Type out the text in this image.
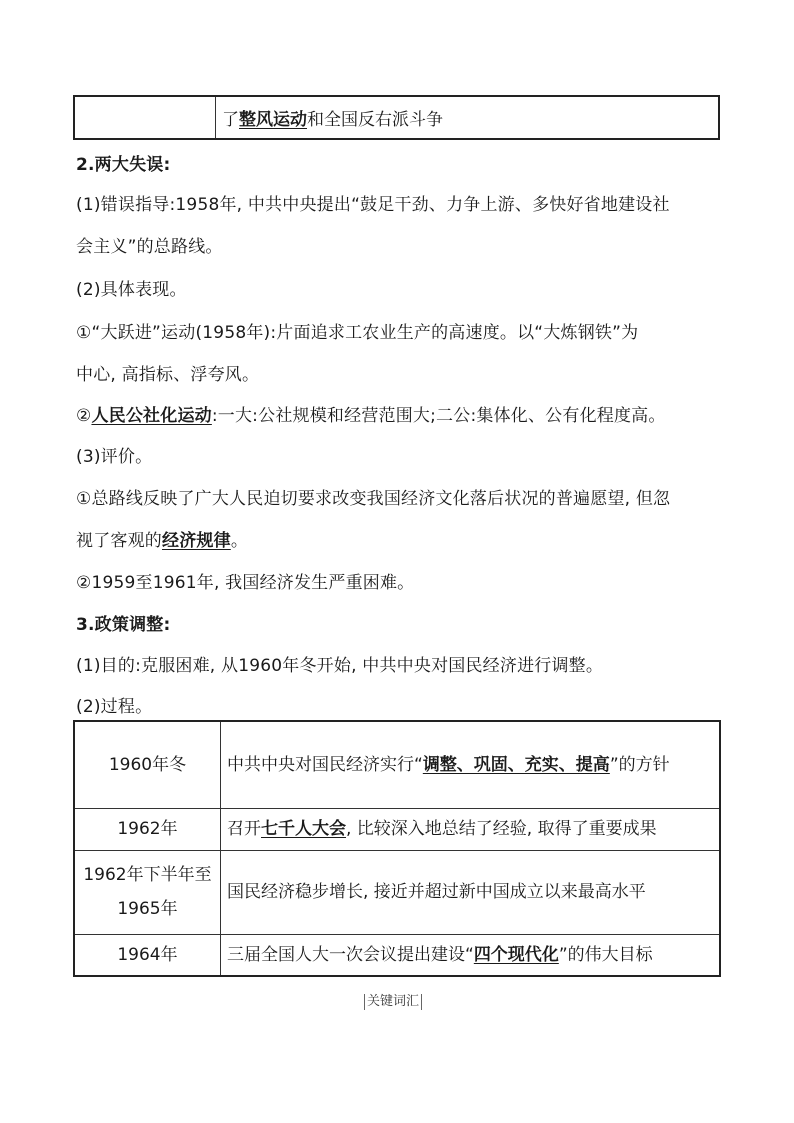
了 整风运动 和全国反右派斗争
2.两大失误:
(1)错误指导:1958年, 中共中央提出“鼓足干劲、力争上游、多快好省地建设社
会主义”的总路线。
(2)具体表现。
①“大跃进”运动(1958年):片面追求工农业生产的高速度。以“大炼钢铁”为
中心, 高指标、浮夸风。
②人民公社化运动:一大:公社规模和经营范围大;二公:集体化、公有化程度高。
(3)评价。
①总路线反映了广大人民迫切要求改变我国经济文化落后状况的普遍愿望, 但忽
视了客观的经济规律。
②1959至1961年, 我国经济发生严重困难。
3.政策调整:
(1)目的:克服困难, 从1960年冬开始, 中共中央对国民经济进行调整。
(2)过程。
1960年冬	中共中央对国民经济实行“调整、巩固、充实、提高”的方针
1962年	召开七千人大会, 比较深入地总结了经验, 取得了重要成果
1962年下半年至1965年	国民经济稳步增长, 接近并超过新中国成立以来最高水平
1964年	三届全国人大一次会议提出建设“四个现代化”的伟大目标
关键词汇
